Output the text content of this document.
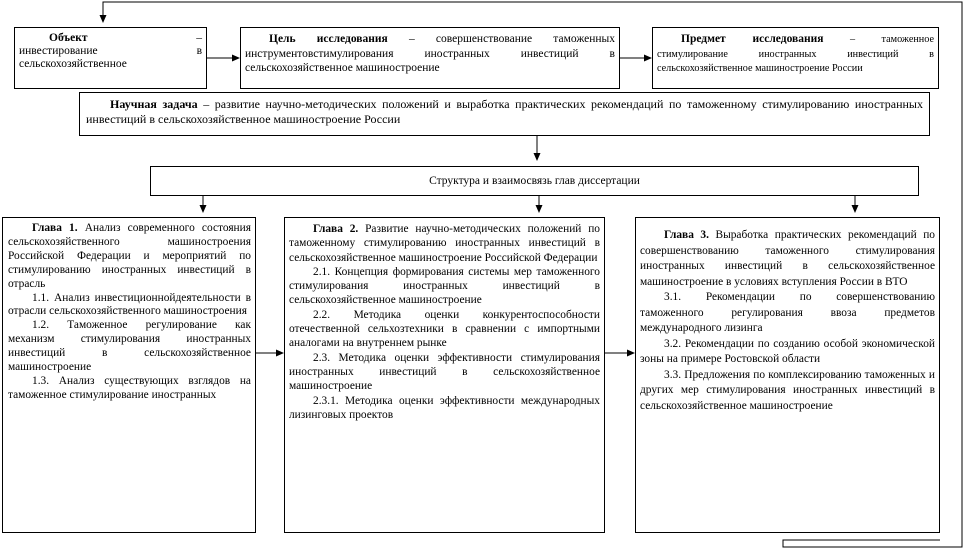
Объект	–
инвестирование	в
сельскохозяйственное

Цель исследования – совершенствование таможенных инструментовстимулирования иностранных инвестиций в сельскохозяйственное машиностроение

Предмет исследования – таможенное стимулирование иностранных инвестиций в сельскохозяйственное машиностроение России

Научная задача – развитие научно-методических положений и выработка практических рекомендаций по таможенному стимулированию иностранных инвестиций в сельскохозяйственное машиностроение России

Структура и взаимосвязь глав диссертации

Глава 1. Анализ современного состояния сельскохозяйственного машиностроения Российской Федерации и мероприятий по стимулированию иностранных инвестиций в отрасль

1.1. Анализ инвестиционнойдеятельности в отрасли сельскохозяйственного машиностроения

1.2. Таможенное регулирование как механизм стимулирования иностранных инвестиций в сельскохозяйственное машиностроение

1.3. Анализ существующих взглядов на таможенное стимулирование иностранных

Глава 2. Развитие научно-методических положений по таможенному стимулированию иностранных инвестиций в сельскохозяйственное машиностроение Российской Федерации

2.1. Концепция формирования системы мер таможенного стимулирования иностранных инвестиций в сельскохозяйственное машиностроение

2.2. Методика оценки конкурентоспособности отечественной сельхозтехники в сравнении с импортными аналогами на внутреннем рынке

2.3. Методика оценки эффективности стимулирования иностранных инвестиций в сельскохозяйственное машиностроение

2.3.1. Методика оценки эффективности международных лизинговых проектов

Глава 3. Выработка практических рекомендаций по совершенствованию таможенного стимулирования иностранных инвестиций в сельскохозяйственное машиностроение в условиях вступления России в ВТО

3.1. Рекомендации по совершенствованию таможенного регулирования ввоза предметов международного лизинга

3.2. Рекомендации по созданию особой экономической зоны на примере Ростовской области

3.3. Предложения по комплексированию таможенных и других мер стимулирования иностранных инвестиций в сельскохозяйственное машиностроение
